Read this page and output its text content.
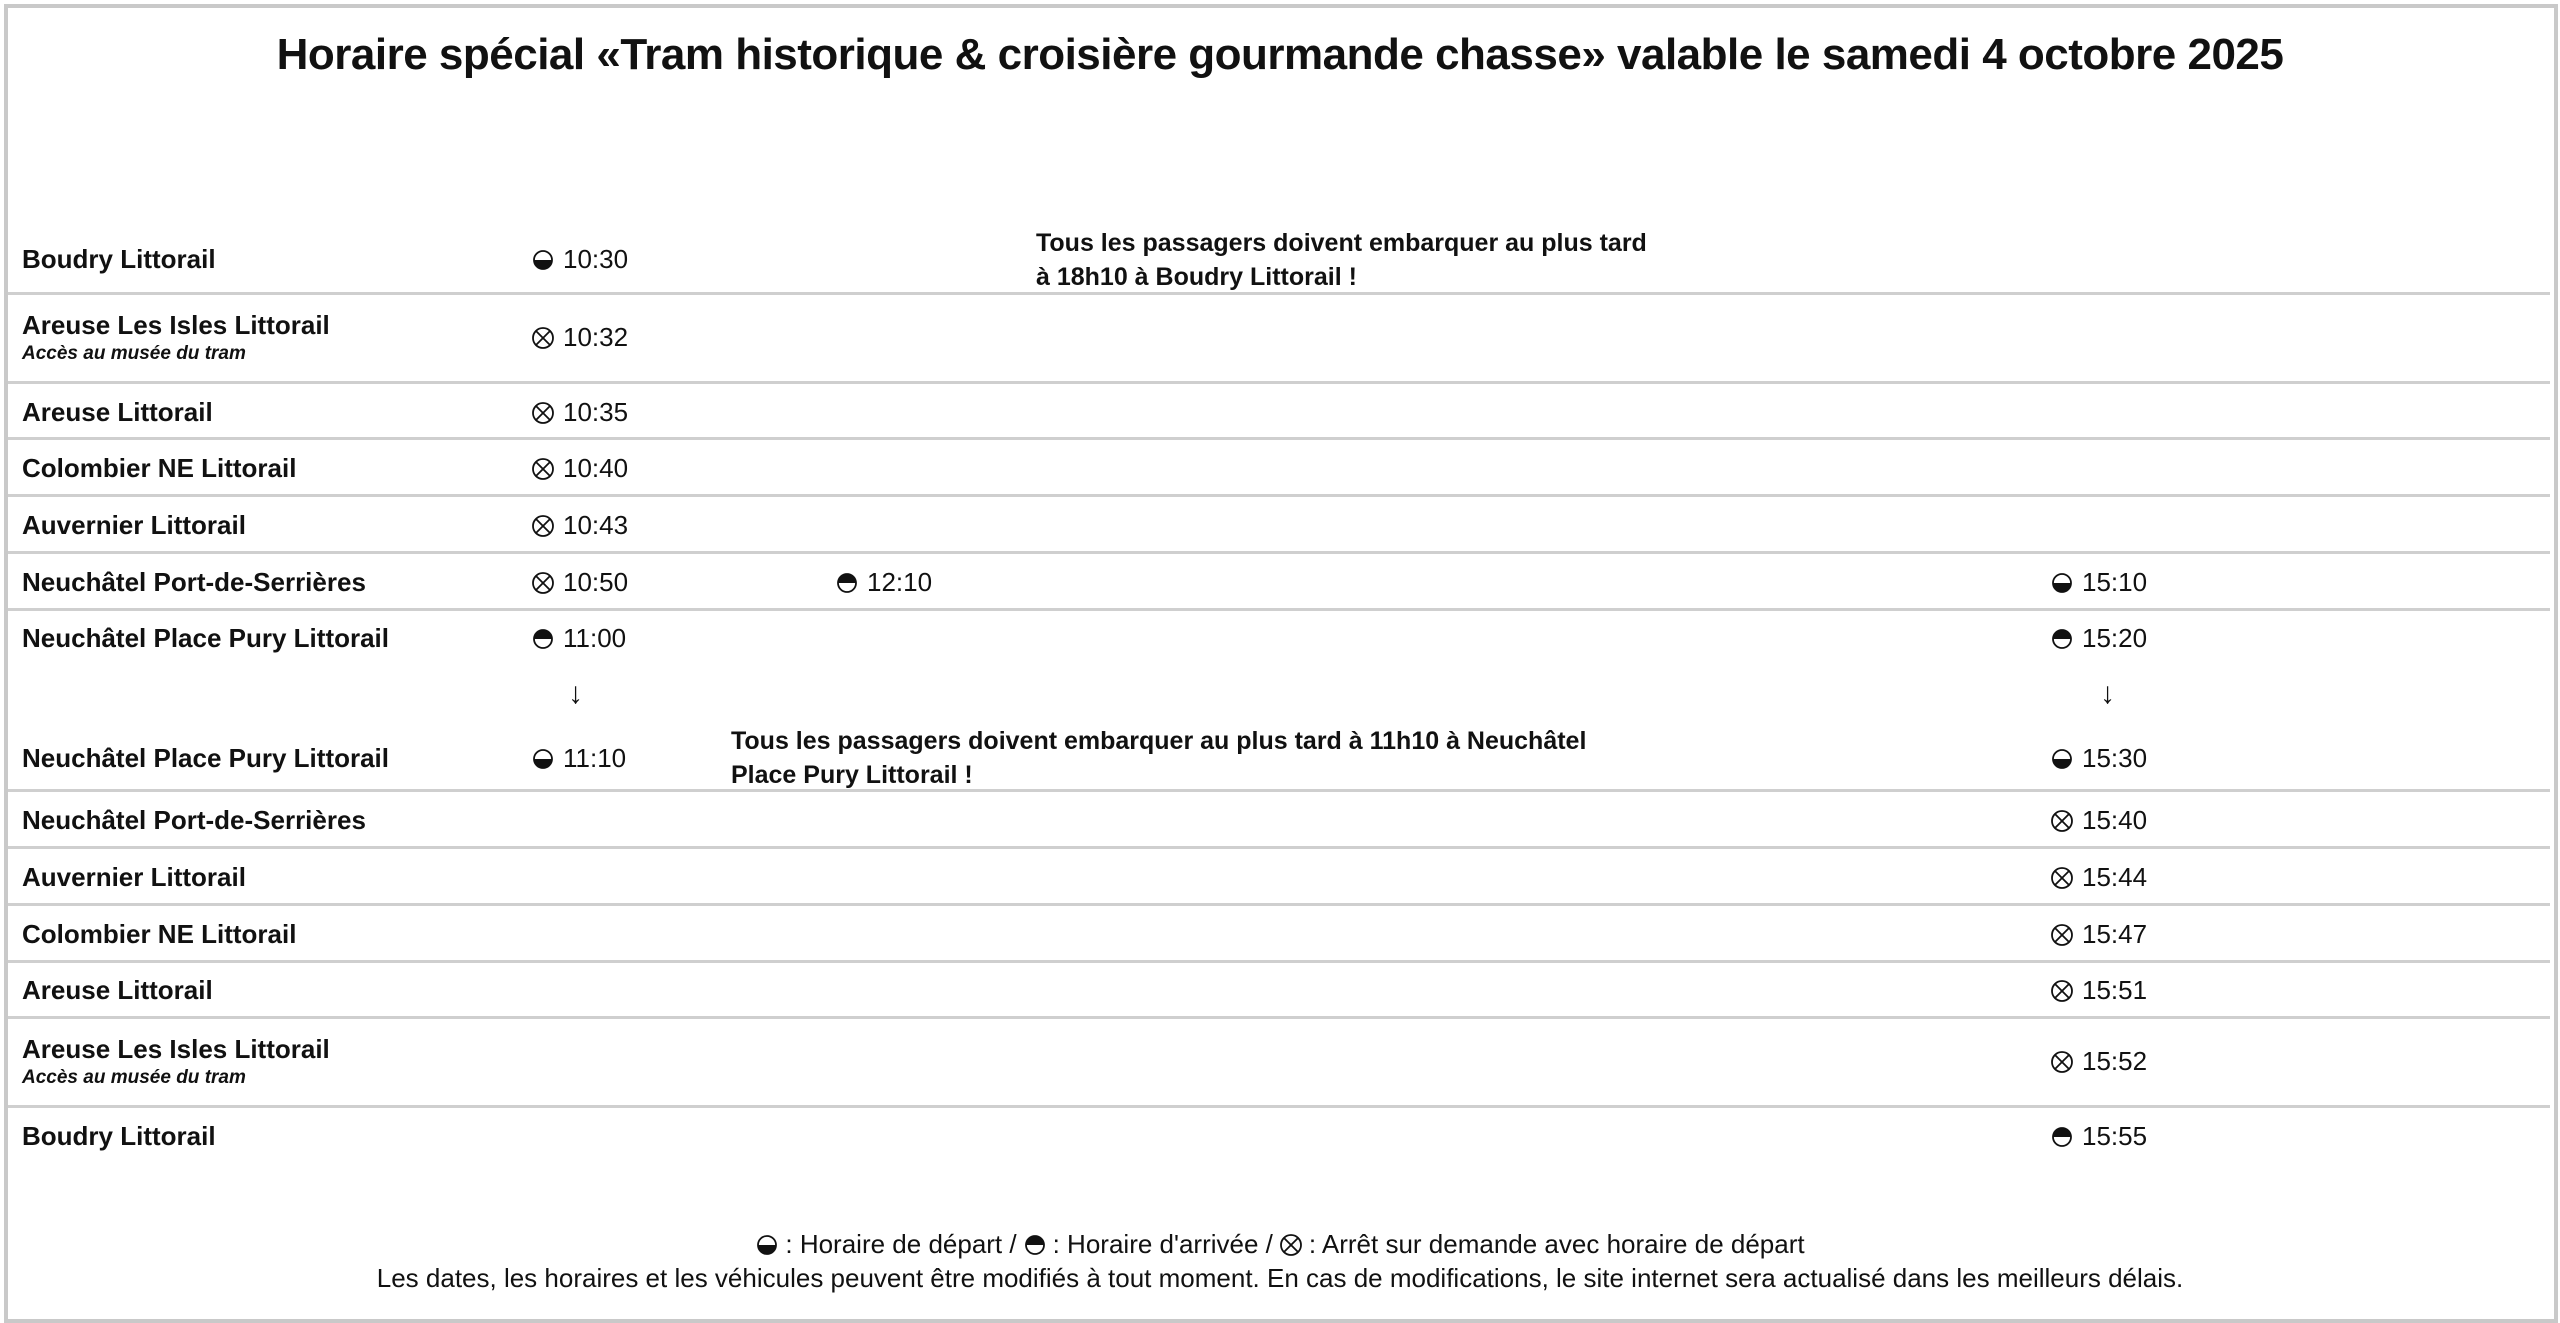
Horaire spécial «Tram historique & croisière gourmande chasse» valable le samedi 4 octobre 2025
Boudry Littorail
Areuse Les Isles Littorail
Accès au musée du tram
Areuse Littorail
Colombier NE Littorail
Auvernier Littorail
Neuchâtel Port-de-Serrières
Neuchâtel Place Pury Littorail
Neuchâtel Place Pury Littorail
Neuchâtel Port-de-Serrières
Auvernier Littorail
Colombier NE Littorail
Areuse Littorail
Areuse Les Isles Littorail
Accès au musée du tram
Boudry Littorail
10:30
10:32
10:35
10:40
10:43
10:50
11:00
↓
11:10
12:10	15:10
15:20
↓
15:30
15:40
15:44
15:47
15:51
15:52
15:55
Tous les passagers doivent embarquer au plus tard
à 18h10 à Boudry Littorail !
Tous les passagers doivent embarquer au plus tard à 11h10 à Neuchâtel
Place Pury Littorail !
: Horaire de départ / : Horaire d'arrivée / : Arrêt sur demande avec horaire de départ
Les dates, les horaires et les véhicules peuvent être modifiés à tout moment. En cas de modifications, le site internet sera actualisé dans les meilleurs délais.
